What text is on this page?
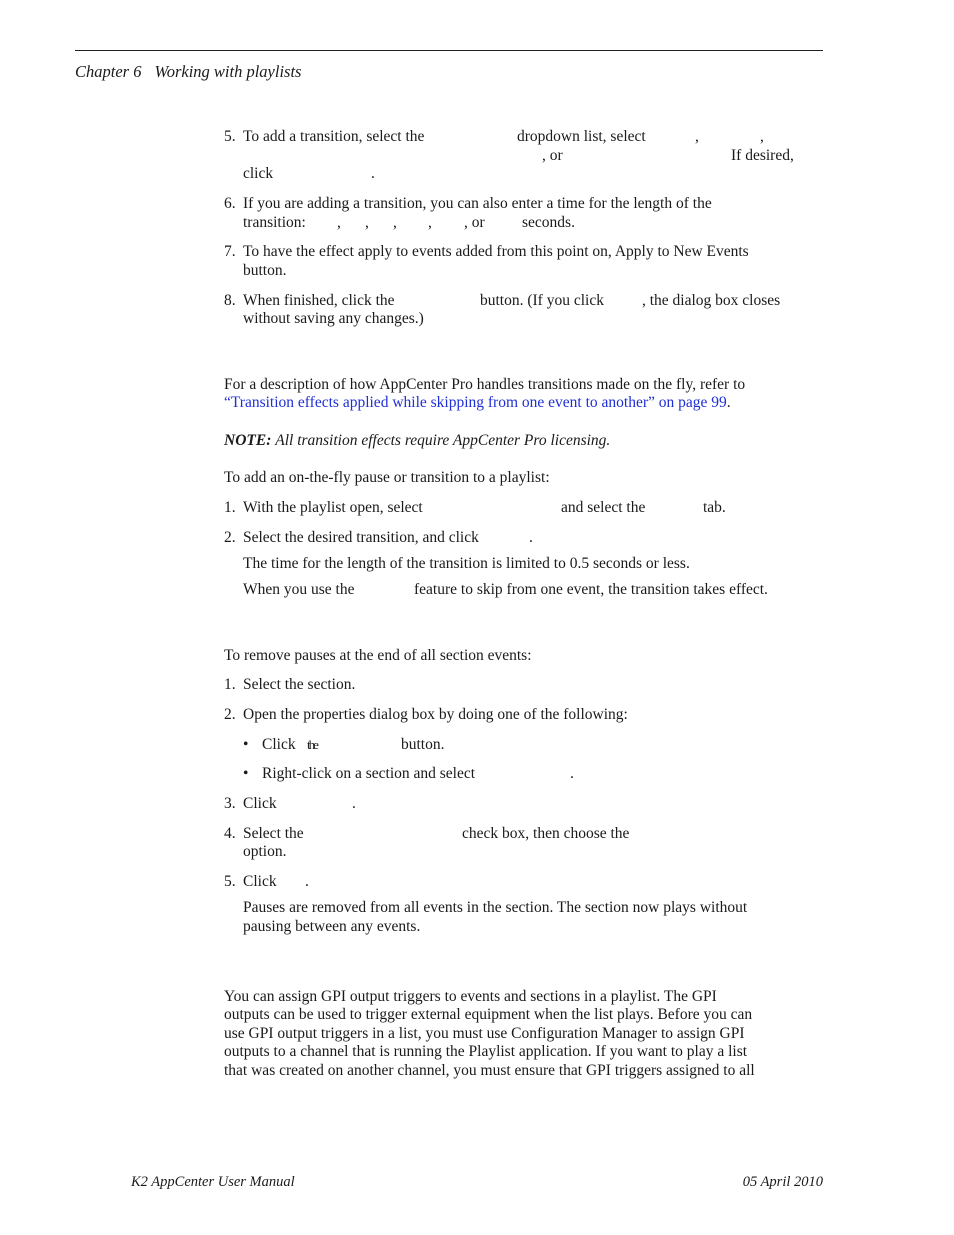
Chapter 6 Working with playlists
5. To add a transition, select the	dropdown list, select	,	,
, or	If desired,
click	.
6. If you are adding a transition, you can also enter a time for the length of the
transition: , , , , , or seconds.
7. To have the effect apply to events added from this point on, Apply to New Events
button.
8. When finished, click the	button. (If you click , the dialog box closes
without saving any changes.)
For a description of how AppCenter Pro handles transitions made on the fly, refer to
“Transition effects applied while skipping from one event to another” on page 99.
NOTE: All transition effects require AppCenter Pro licensing.
To add an on-the-fly pause or transition to a playlist:
1. With the playlist open, select	and select the	tab.
2. Select the desired transition, and click	.
The time for the length of the transition is limited to 0.5 seconds or less.
When you use the	feature to skip from one event, the transition takes effect.
To remove pauses at the end of all section events:
1. Select the section.
2. Open the properties dialog box by doing one of the following:
• Click the	button.
• Right-click on a section and select	.
3. Click	.
4. Select the	check box, then choose the
option.
5. Click .
Pauses are removed from all events in the section. The section now plays without
pausing between any events.
You can assign GPI output triggers to events and sections in a playlist. The GPI
outputs can be used to trigger external equipment when the list plays. Before you can
use GPI output triggers in a list, you must use Configuration Manager to assign GPI
outputs to a channel that is running the Playlist application. If you want to play a list
that was created on another channel, you must ensure that GPI triggers assigned to all
K2 AppCenter User Manual	05 April 2010
